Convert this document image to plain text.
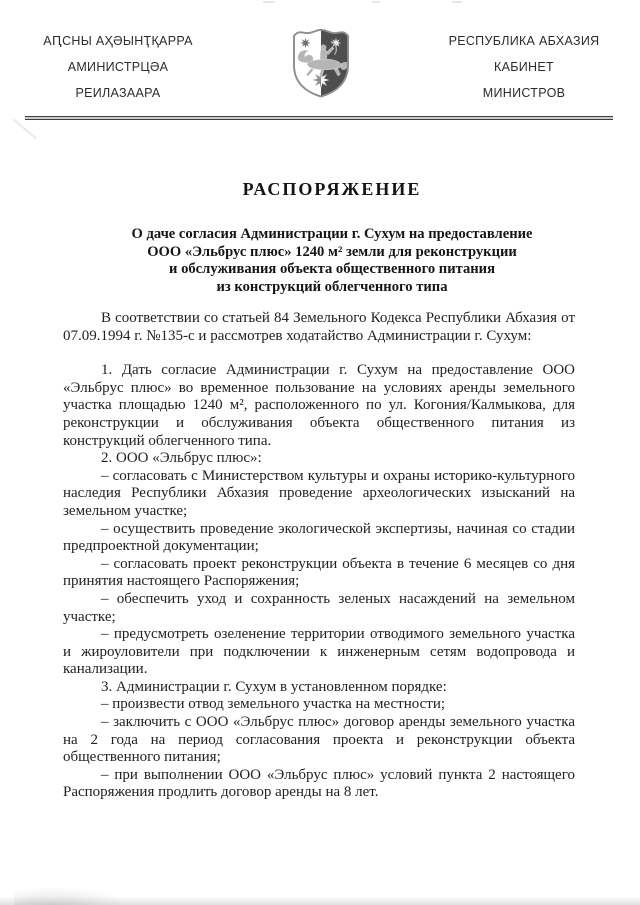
АԤСНЫ АҲӘЫНҬҚАРРА
АМИНИСТРЦӘА
РЕИЛАЗААРА
РЕСПУБЛИКА АБХАЗИЯ
КАБИНЕТ
МИНИСТРОВ
РАСПОРЯЖЕНИЕ
О даче согласия Администрации г. Сухум на предоставление
ООО «Эльбрус плюс» 1240 м² земли для реконструкции
и обслуживания объекта общественного питания
из конструкций облегченного типа

В соответствии со статьей 84 Земельного Кодекса Республики Абхазия от 07.09.1994 г. №135-с и рассмотрев ходатайство Администрации г. Сухум:

1. Дать согласие Администрации г. Сухум на предоставление ООО «Эльбрус плюс» во временное пользование на условиях аренды земельного участка площадью 1240 м², расположенного по ул. Когония/Калмыкова, для реконструкции и обслуживания объекта общественного питания из конструкций облегченного типа.

2. ООО «Эльбрус плюс»:

– согласовать с Министерством культуры и охраны историко-культурного наследия Республики Абхазия проведение археологических изысканий на земельном участке;

– осуществить проведение экологической экспертизы, начиная со стадии предпроектной документации;

– согласовать проект реконструкции объекта в течение 6 месяцев со дня принятия настоящего Распоряжения;

– обеспечить уход и сохранность зеленых насаждений на земельном участке;

– предусмотреть озеленение территории отводимого земельного участка и жироуловители при подключении к инженерным сетям водопровода и канализации.

3. Администрации г. Сухум в установленном порядке:

– произвести отвод земельного участка на местности;

– заключить с ООО «Эльбрус плюс» договор аренды земельного участка на 2 года на период согласования проекта и реконструкции объекта общественного питания;

– при выполнении ООО «Эльбрус плюс» условий пункта 2 настоящего Распоряжения продлить договор аренды на 8 лет.
